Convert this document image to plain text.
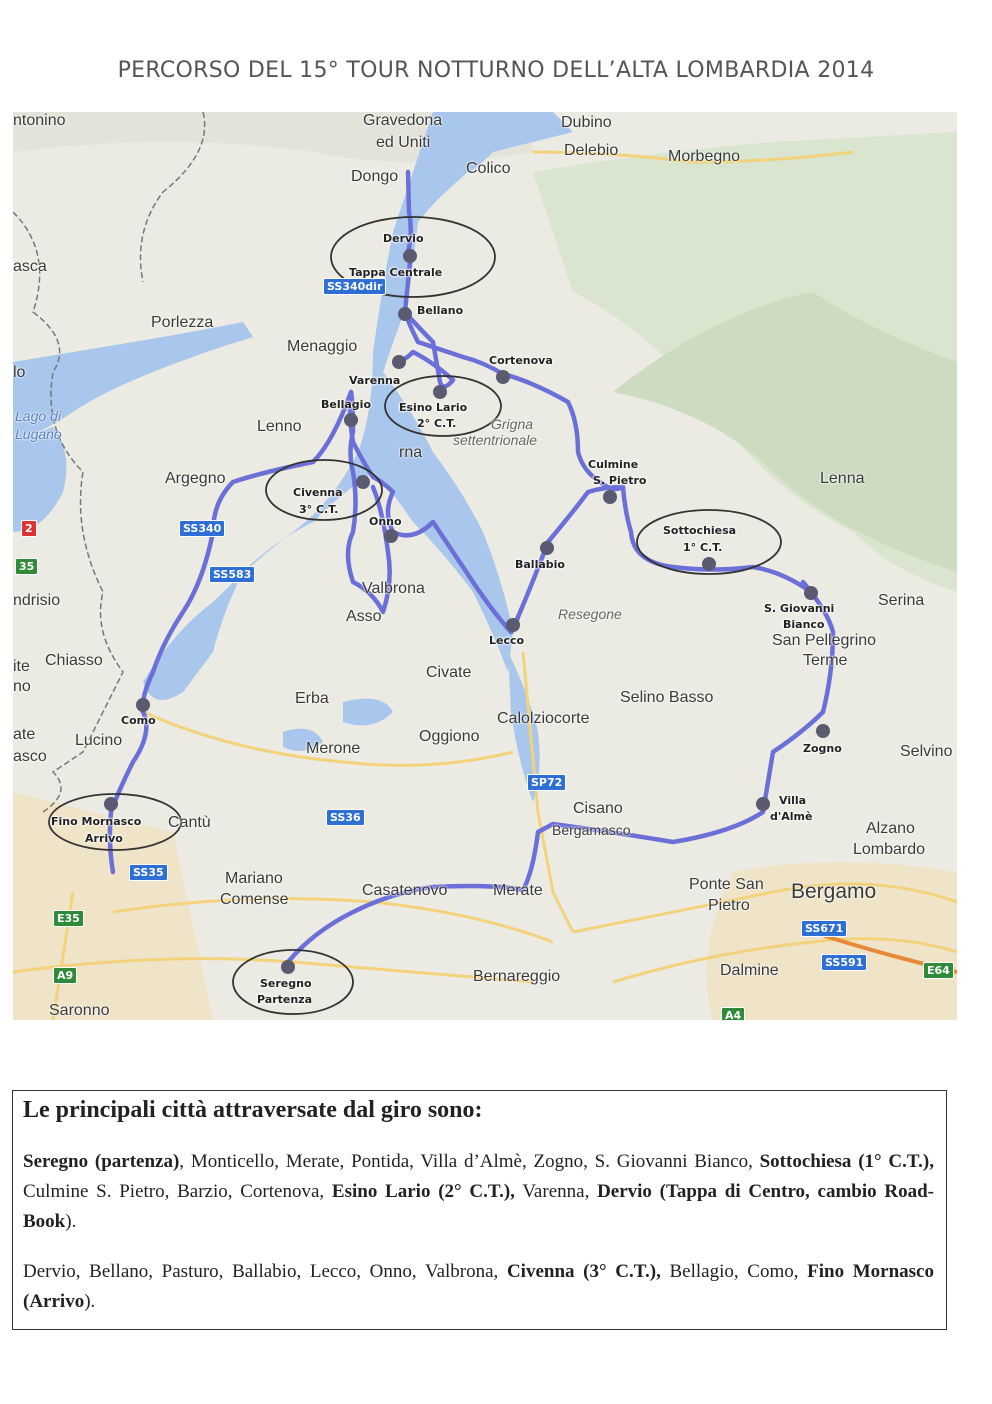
PERCORSO DEL 15° TOUR NOTTURNO DELL’ALTA LOMBARDIA 2014
ntonino	Gravedona
ed Uniti
Dubino
Delebio	Morbegno
Colico
Dongo
asca
Porlezza
Menaggio
lo
Lenno
Argegno	Lenna
ndrisio
Chiasso
Serina
ite
no
Civate
Erba	Selino Basso
Calolziocorte
Oggiono
Merone
ate Lucino
asco	Selvino
Cisano
Alzano
Lombardo
Mariano
Comense
Ponte San
Pietro
Bergamo
Dalmine
Bernareggio
Saronno
Valbrona
Asso	Resegone
San Pellegrino
Terme
Cantù
rna
Casatenovo	Merate
Bergamasco
Grigna
settentrionale
Lago di
Lugano
SS340dir
SS340
SS583
SS36
SS35
SP72
SS671
SS591
E64
E35
A9
A4
35
2
Dervio
Tappa Centrale
Bellano
Cortenova
Varenna
Esino Lario
2° C.T.
Bellagio
Civenna
3° C.T.
Onno
Culmine
S. Pietro
Sottochiesa
1° C.T.
Ballabio
Lecco
S. Giovanni
Bianco
Zogno
Villa
d'Almè
Como
Fino Mornasco
Arrivo
Seregno
Partenza
Le principali città attraversate dal giro sono:
Seregno (partenza), Monticello, Merate, Pontida, Villa d’Almè, Zogno, S. Giovanni Bianco, Sottochiesa (1° C.T.), Culmine S. Pietro, Barzio, Cortenova, Esino Lario (2° C.T.), Varenna, Dervio (Tappa di Centro, cambio Road-Book).
Dervio, Bellano, Pasturo, Ballabio, Lecco, Onno, Valbrona, Civenna (3° C.T.), Bellagio, Como, Fino Mornasco (Arrivo).
